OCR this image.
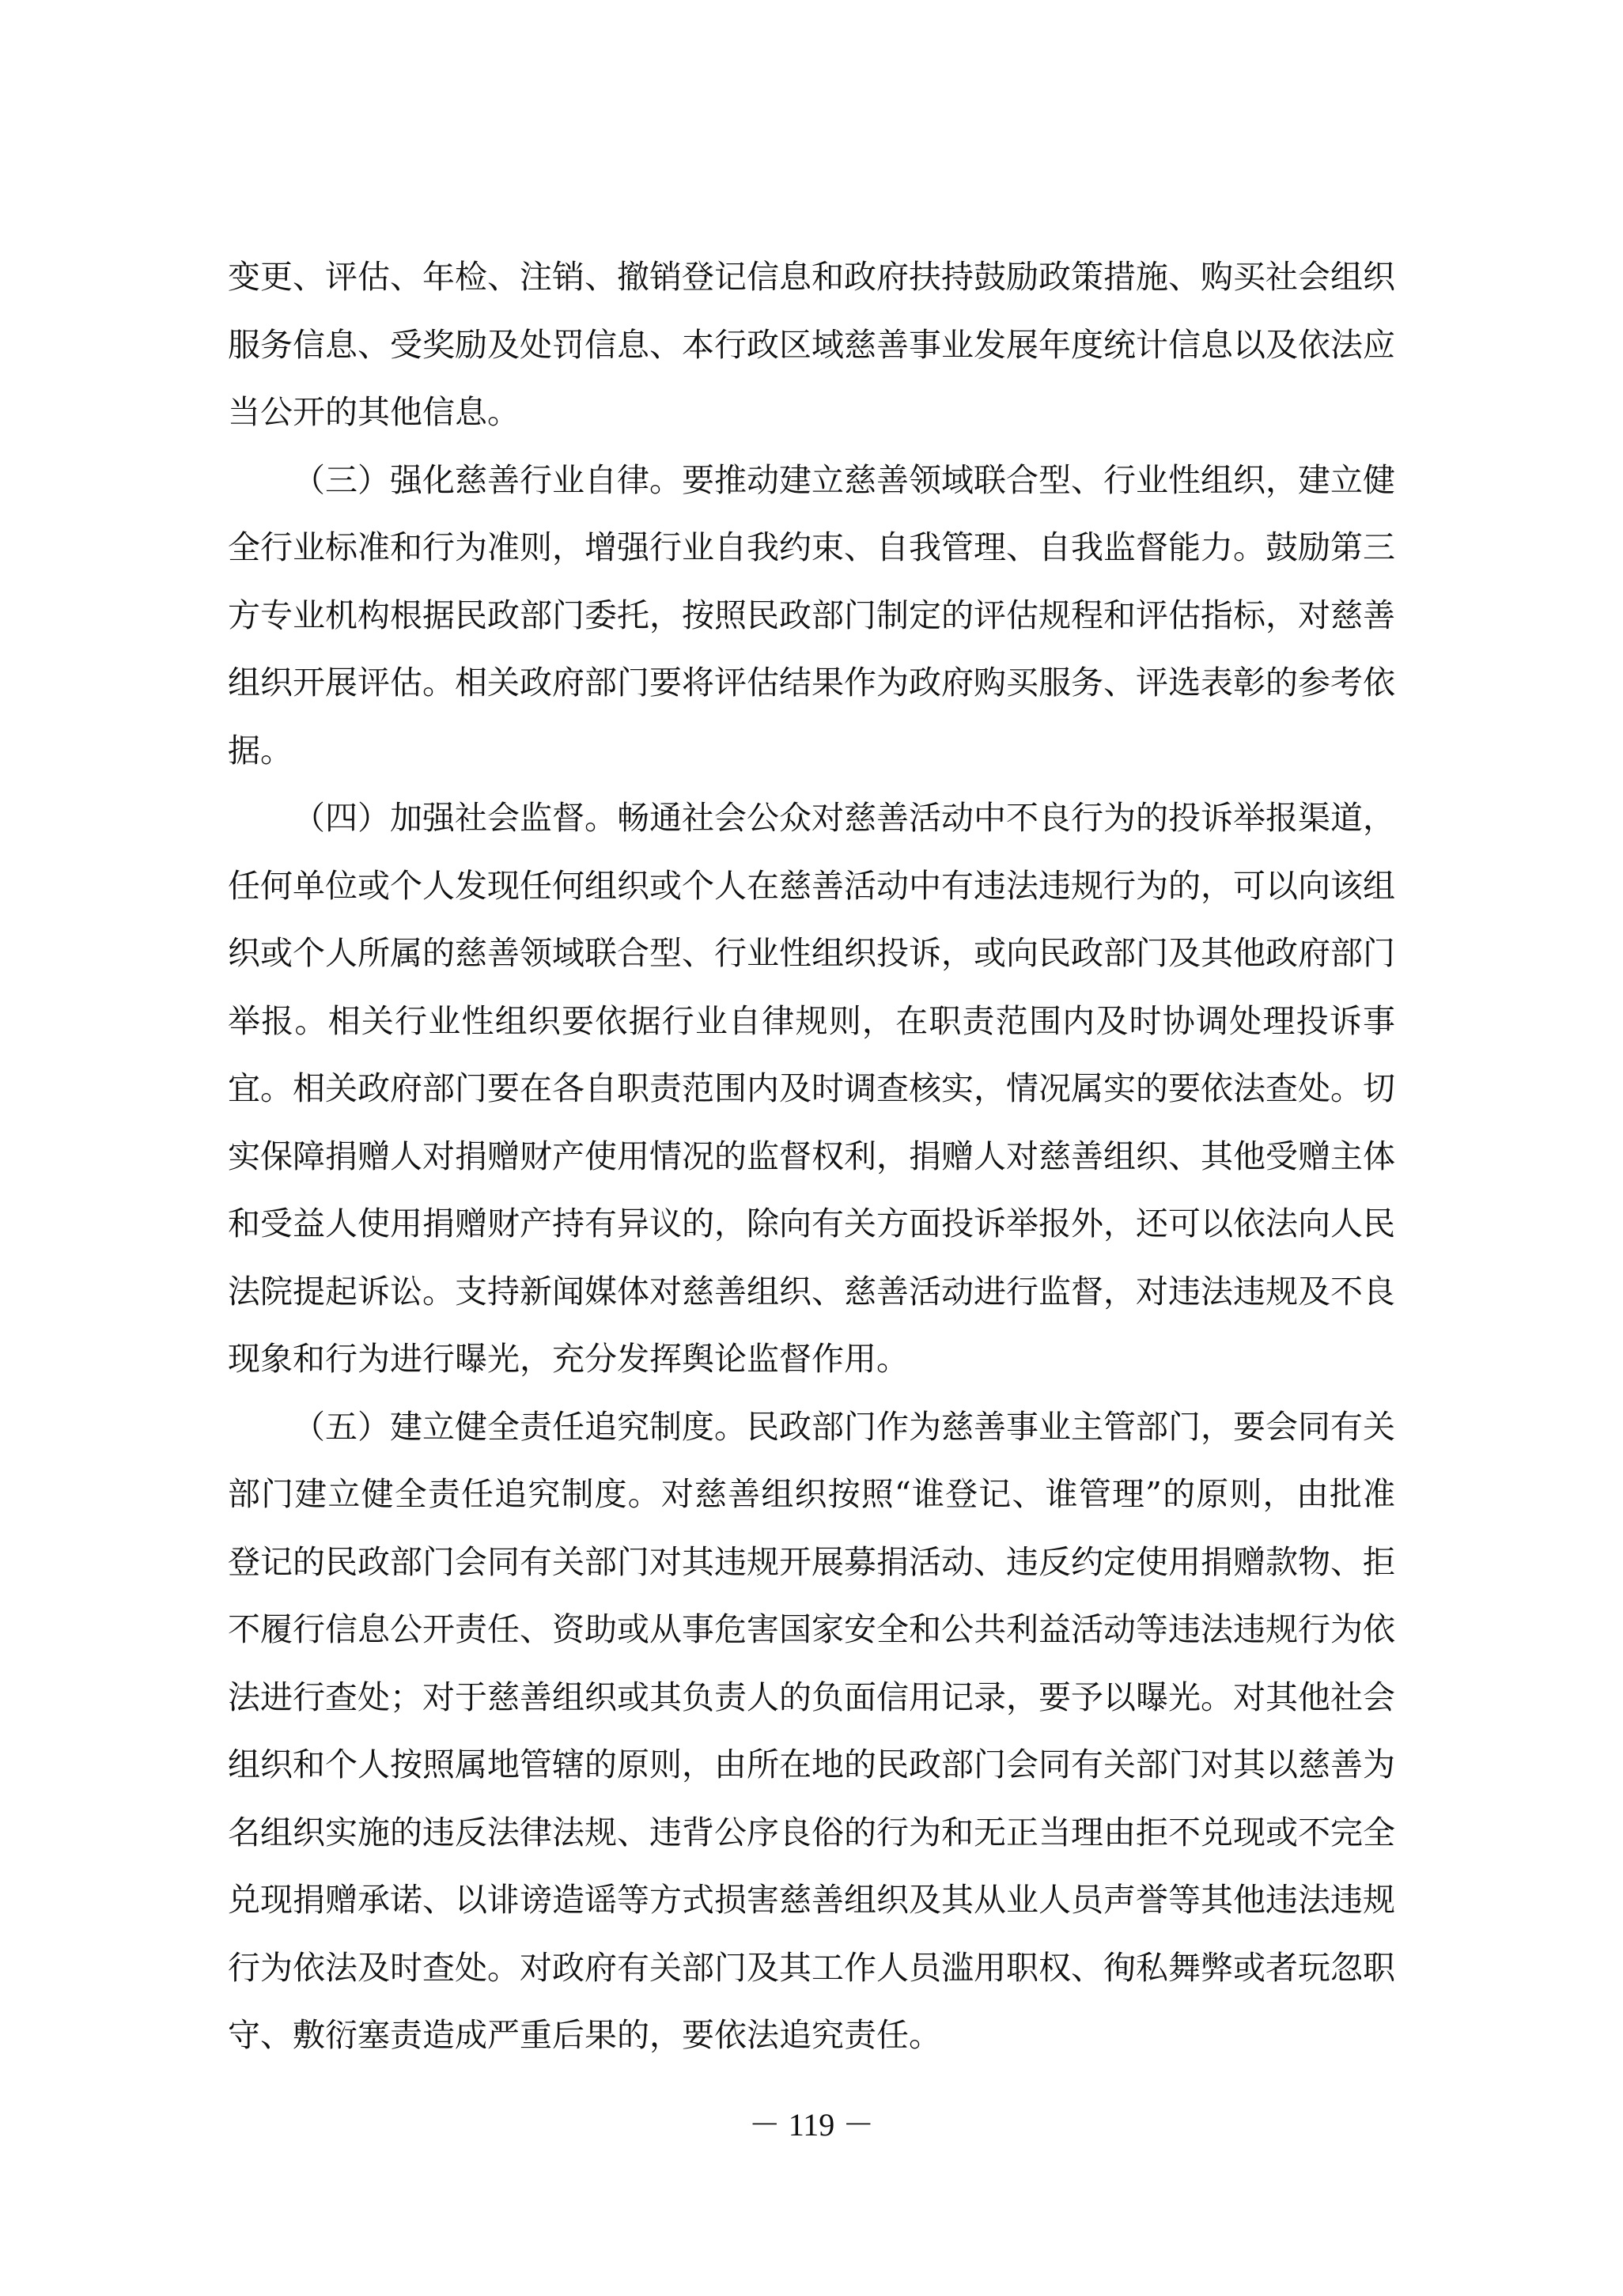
变更、评估、年检、注销、撤销登记信息和政府扶持鼓励政策措施、购买社会组织服务信息、受奖励及处罚信息、本行政区域慈善事业发展年度统计信息以及依法应当公开的其他信息。

（三）强化慈善行业自律。要推动建立慈善领域联合型、行业性组织，建立健全行业标准和行为准则，增强行业自我约束、自我管理、自我监督能力。鼓励第三方专业机构根据民政部门委托，按照民政部门制定的评估规程和评估指标，对慈善组织开展评估。相关政府部门要将评估结果作为政府购买服务、评选表彰的参考依据。

（四）加强社会监督。畅通社会公众对慈善活动中不良行为的投诉举报渠道，任何单位或个人发现任何组织或个人在慈善活动中有违法违规行为的，可以向该组织或个人所属的慈善领域联合型、行业性组织投诉，或向民政部门及其他政府部门举报。相关行业性组织要依据行业自律规则，在职责范围内及时协调处理投诉事宜。相关政府部门要在各自职责范围内及时调查核实，情况属实的要依法查处。切实保障捐赠人对捐赠财产使用情况的监督权利，捐赠人对慈善组织、其他受赠主体和受益人使用捐赠财产持有异议的，除向有关方面投诉举报外，还可以依法向人民法院提起诉讼。支持新闻媒体对慈善组织、慈善活动进行监督，对违法违规及不良现象和行为进行曝光，充分发挥舆论监督作用。

（五）建立健全责任追究制度。民政部门作为慈善事业主管部门，要会同有关部门建立健全责任追究制度。对慈善组织按照“谁登记、谁管理”的原则，由批准登记的民政部门会同有关部门对其违规开展募捐活动、违反约定使用捐赠款物、拒不履行信息公开责任、资助或从事危害国家安全和公共利益活动等违法违规行为依法进行查处；对于慈善组织或其负责人的负面信用记录，要予以曝光。对其他社会组织和个人按照属地管辖的原则，由所在地的民政部门会同有关部门对其以慈善为名组织实施的违反法律法规、违背公序良俗的行为和无正当理由拒不兑现或不完全兑现捐赠承诺、以诽谤造谣等方式损害慈善组织及其从业人员声誉等其他违法违规行为依法及时查处。对政府有关部门及其工作人员滥用职权、徇私舞弊或者玩忽职守、敷衍塞责造成严重后果的，要依法追究责任。

－ 119 －
